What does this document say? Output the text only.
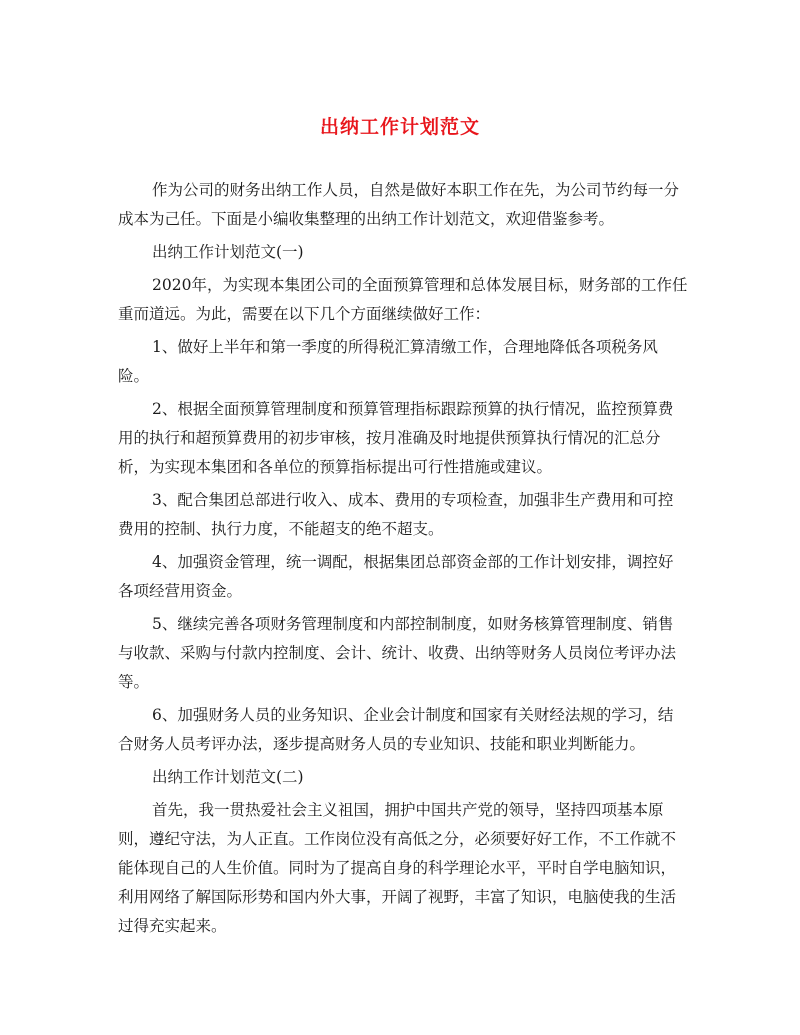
出纳工作计划范文

作为公司的财务出纳工作人员，自然是做好本职工作在先，为公司节约每一分成本为己任。下面是小编收集整理的出纳工作计划范文，欢迎借鉴参考。

出纳工作计划范文(一)

2020年，为实现本集团公司的全面预算管理和总体发展目标，财务部的工作任重而道远。为此，需要在以下几个方面继续做好工作：

1、做好上半年和第一季度的所得税汇算清缴工作，合理地降低各项税务风险。

2、根据全面预算管理制度和预算管理指标跟踪预算的执行情况，监控预算费用的执行和超预算费用的初步审核，按月准确及时地提供预算执行情况的汇总分析，为实现本集团和各单位的预算指标提出可行性措施或建议。

3、配合集团总部进行收入、成本、费用的专项检查，加强非生产费用和可控费用的控制、执行力度，不能超支的绝不超支。

4、加强资金管理，统一调配，根据集团总部资金部的工作计划安排，调控好各项经营用资金。

5、继续完善各项财务管理制度和内部控制制度，如财务核算管理制度、销售与收款、采购与付款内控制度、会计、统计、收费、出纳等财务人员岗位考评办法等。

6、加强财务人员的业务知识、企业会计制度和国家有关财经法规的学习，结合财务人员考评办法，逐步提高财务人员的专业知识、技能和职业判断能力。

出纳工作计划范文(二)

首先，我一贯热爱社会主义祖国，拥护中国共产党的领导，坚持四项基本原则，遵纪守法，为人正直。工作岗位没有高低之分，必须要好好工作，不工作就不能体现自己的人生价值。同时为了提高自身的科学理论水平，平时自学电脑知识，利用网络了解国际形势和国内外大事，开阔了视野，丰富了知识，电脑使我的生活过得充实起来。
